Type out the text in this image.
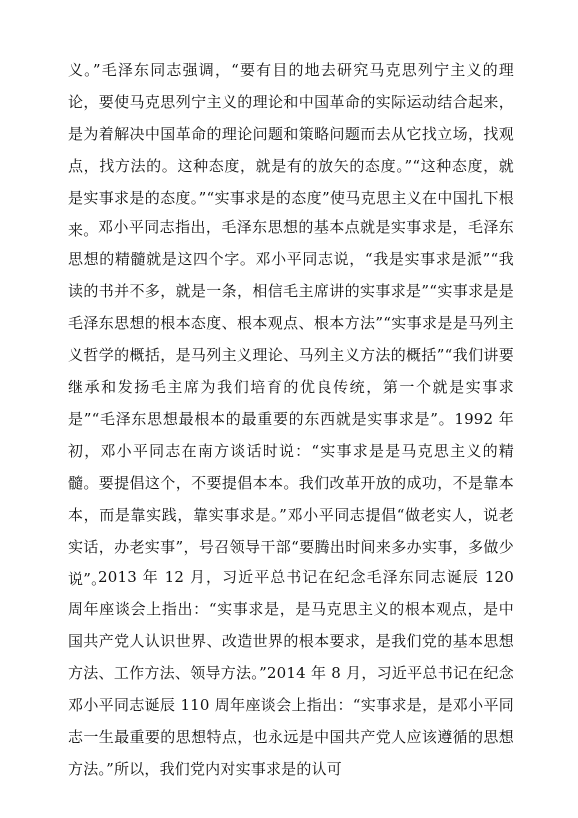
义。”毛泽东同志强调，“要有目的地去研究马克思列宁主义的理论，要使马克思列宁主义的理论和中国革命的实际运动结合起来，是为着解决中国革命的理论问题和策略问题而去从它找立场，找观点，找方法的。这种态度，就是有的放矢的态度。”“这种态度，就是实事求是的态度。”“实事求是的态度”使马克思主义在中国扎下根来。 邓小平同志指出，毛泽东思想的基本点就是实事求是，毛泽东思想的精髓就是这四个字。邓小平同志说，“我是实事求是派”“我读的书并不多，就是一条，相信毛主席讲的实事求是”“实事求是是毛泽东思想的根本态度、根本观点、根本方法”“实事求是是马列主义哲学的概括，是马列主义理论、马列主义方法的概括”“我们讲要继承和发扬毛主席为我们培育的优良传统，第一个就是实事求是”“毛泽东思想最根本的最重要的东西就是实事求是”。1992 年初，邓小平同志在南方谈话时说：“实事求是是马克思主义的精髓。要提倡这个，不要提倡本本。我们改革开放的成功，不是靠本本，而是靠实践，靠实事求是。”邓小平同志提倡“做老实人，说老实话，办老实事”，号召领导干部“要腾出时间来多办实事，多做少说”。

2013 年 12 月，习近平总书记在纪念毛泽东同志诞辰 120 周年座谈会上指出：“实事求是，是马克思主义的根本观点，是中国共产党人认识世界、改造世界的根本要求，是我们党的基本思想方法、工作方法、领导方法。”2014 年 8 月，习近平总书记在纪念邓小平同志诞辰 110 周年座谈会上指出：“实事求是，是邓小平同志一生最重要的思想特点，也永远是中国共产党人应该遵循的思想方法。”所以，我们党内对实事求是的认可
